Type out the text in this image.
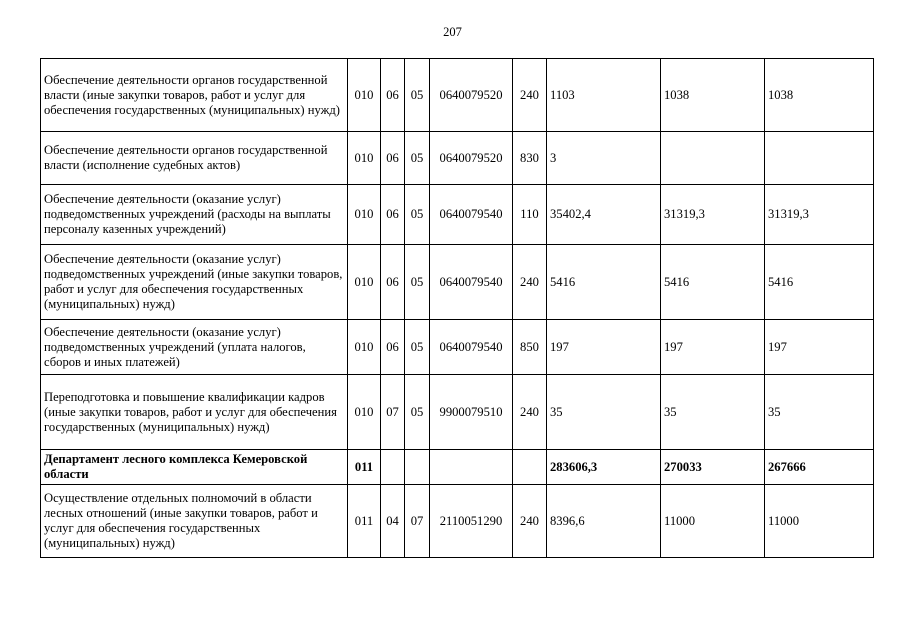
207
Обеспечение деятельности органов государственной власти (иные закупки товаров, работ и услуг для обеспечения государственных (муниципальных) нужд)	010	06	05	0640079520	240	1103	1038	1038
Обеспечение деятельности органов государственной власти (исполнение судебных актов)	010	06	05	0640079520	830	3		
Обеспечение деятельности (оказание услуг) подведомственных учреждений (расходы на выплаты персоналу казенных учреждений)	010	06	05	0640079540	110	35402,4	31319,3	31319,3
Обеспечение деятельности (оказание услуг) подведомственных учреждений (иные закупки товаров, работ и услуг для обеспечения государственных (муниципальных) нужд)	010	06	05	0640079540	240	5416	5416	5416
Обеспечение деятельности (оказание услуг) подведомственных учреждений (уплата налогов, сборов и иных платежей)	010	06	05	0640079540	850	197	197	197
Переподготовка и повышение квалификации кадров (иные закупки товаров, работ и услуг для обеспечения государственных (муниципальных) нужд)	010	07	05	9900079510	240	35	35	35
Департамент лесного комплекса Кемеровской области	011					283606,3	270033	267666
Осуществление отдельных полномочий в области лесных отношений (иные закупки товаров, работ и услуг для обеспечения государственных (муниципальных) нужд)	011	04	07	2110051290	240	8396,6	11000	11000
